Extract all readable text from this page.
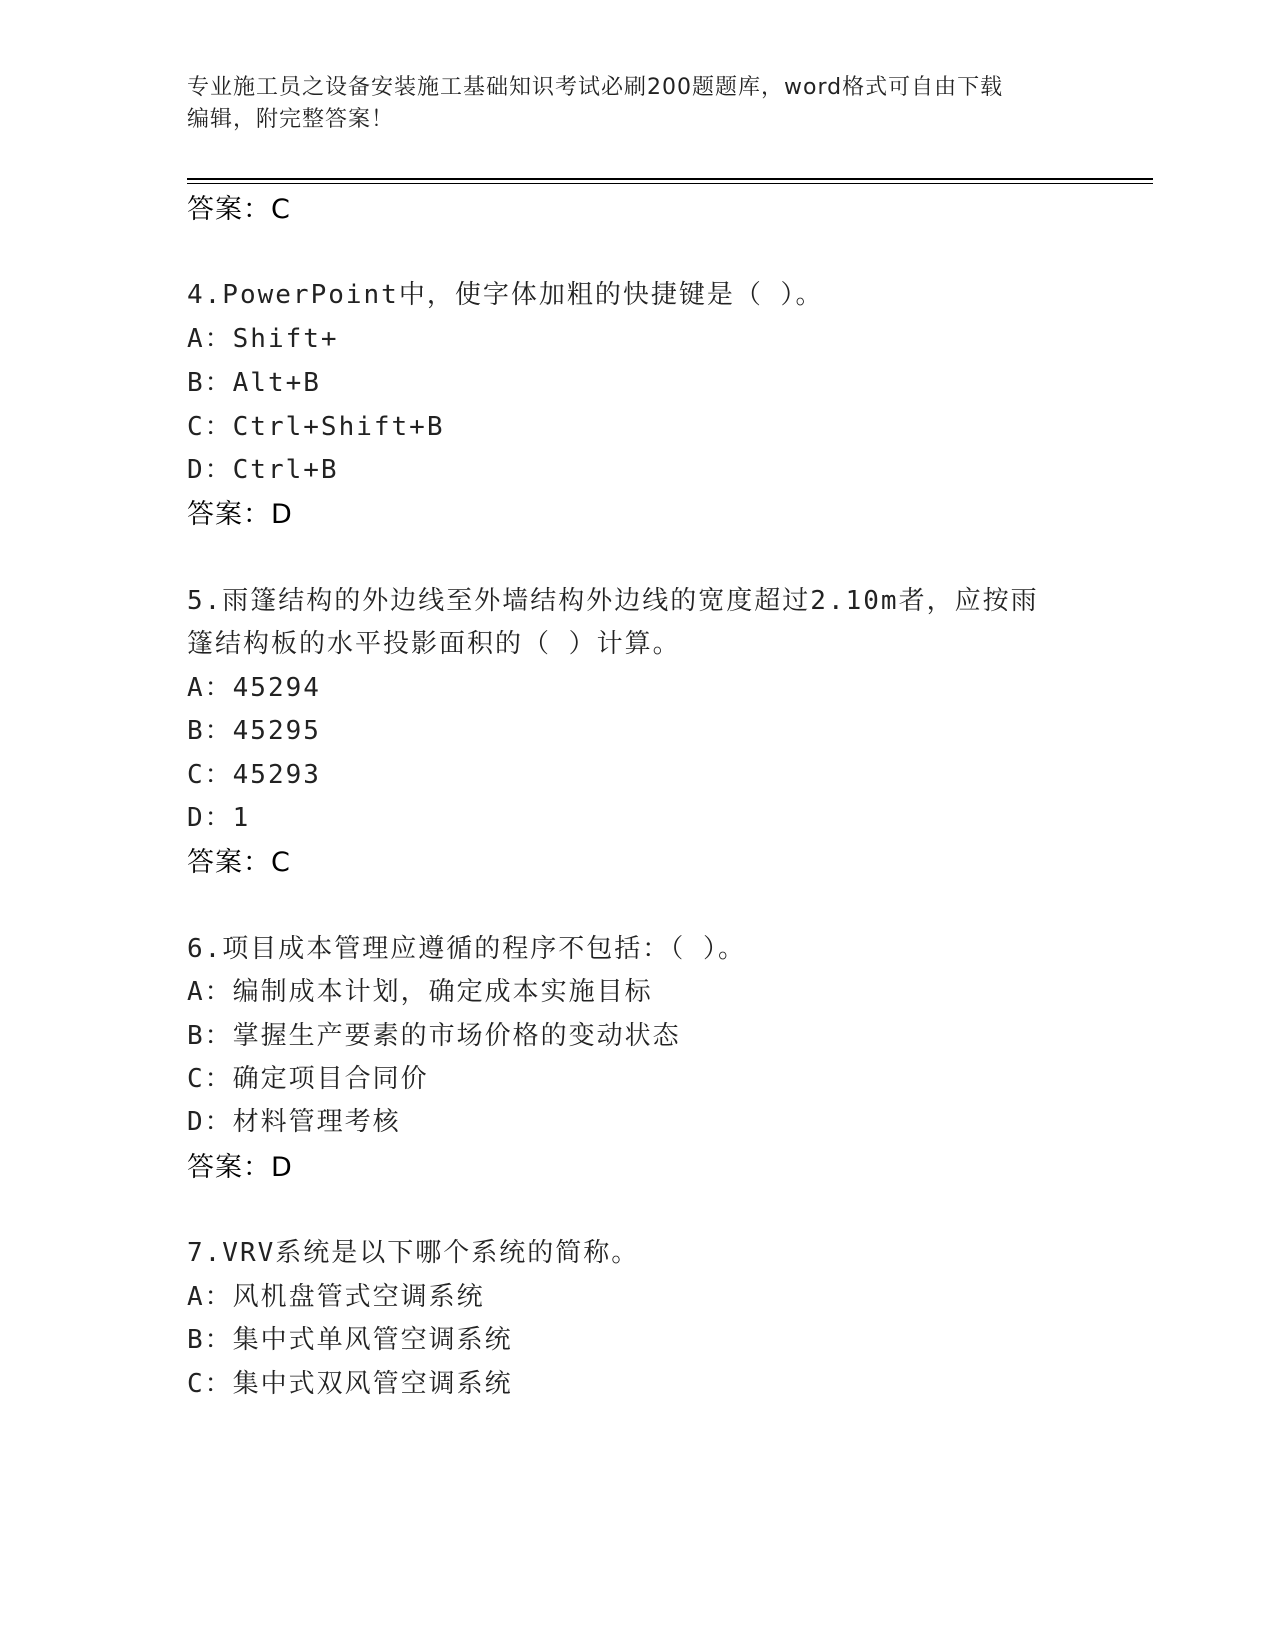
专业施工员之设备安装施工基础知识考试必刷200题题库，word格式可自由下载
编辑，附完整答案！
答案：C
4.PowerPoint中，使字体加粗的快捷键是（ ）。
A：Shift+
B：Alt+B
C：Ctrl+Shift+B
D：Ctrl+B
答案：D
5.雨篷结构的外边线至外墙结构外边线的宽度超过2.10m者，应按雨
篷结构板的水平投影面积的（ ）计算。
A：45294
B：45295
C：45293
D：1
答案：C
6.项目成本管理应遵循的程序不包括：（ ）。
A：编制成本计划，确定成本实施目标
B：掌握生产要素的市场价格的变动状态
C：确定项目合同价
D：材料管理考核
答案：D
7.VRV系统是以下哪个系统的简称。
A：风机盘管式空调系统
B：集中式单风管空调系统
C：集中式双风管空调系统
